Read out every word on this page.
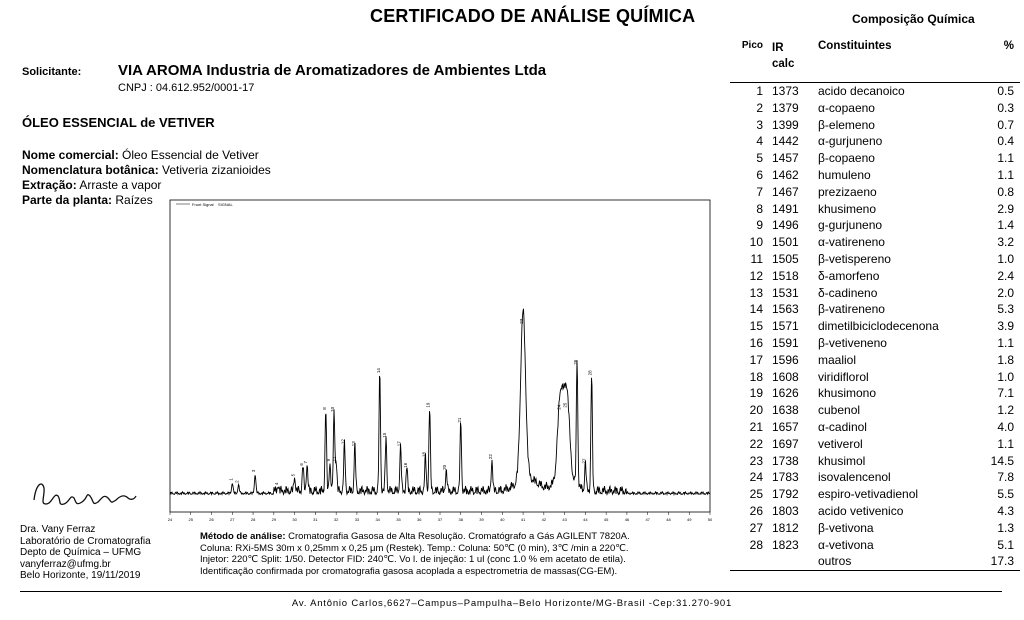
CERTIFICADO DE ANÁLISE QUÍMICA
Solicitante: VIA AROMA Industria de Aromatizadores de Ambientes Ltda
CNPJ : 04.612.952/0001-17
ÓLEO ESSENCIAL de VETIVER
Nome comercial: Óleo Essencial de Vetiver
Nomenclatura botânica: Vetiveria zizanioides
Extração: Arraste a vapor
Parte da planta: Raízes	Front Signal SIGNAL
24	25	26	27	28	29	30	31	32	33	34	35	36	37	38	39	40	41	42	43	44	45	46	47	48	49	50
1
2
3
4
5
6
7
8
9
10
11
12 13
14
15
16
17
18
19
20
21
22
23
24 25
26
27
28
Dra. Vany Ferraz
Laboratório de Cromatografia
Depto de Química – UFMG
vanyferraz@ufmg.br
Belo Horizonte, 19/11/2019
Método de análise: Cromatografia Gasosa de Alta Resolução. Cromatógrafo a Gás AGILENT 7820A.
Coluna: RXi-5MS 30m x 0,25mm x 0,25 μm (Restek). Temp.: Coluna: 50℃ (0 min), 3℃ /min a 220℃.
Injetor: 220℃ Split: 1/50. Detector FID: 240℃. Vo l. de injeção: 1 ul (conc 1.0 % em acetato de etila).
Identificação confirmada por cromatografia gasosa acoplada a espectrometria de massas(CG-EM).
Av. Antônio Carlos,6627–Campus–Pampulha–Belo Horizonte/MG-Brasil -Cep:31.270-901
Composição Química
Pico	IR
calc	Constituintes	%
1	1373	acido decanoico	0.5
2	1379	α-copaeno	0.3
3	1399	β-elemeno	0.7
4	1442	α-gurjuneno	0.4
5	1457	β-copaeno	1.1
6	1462	humuleno	1.1
7	1467	prezizaeno	0.8
8	1491	khusimeno	2.9
9	1496	g-gurjuneno	1.4
10	1501	α-vatireneno	3.2
11	1505	β-vetispereno	1.0
12	1518	δ-amorfeno	2.4
13	1531	δ-cadineno	2.0
14	1563	β-vatireneno	5.3
15	1571	dimetilbiciclodecenona	3.9
16	1591	β-vetiveneno	1.1
17	1596	maaliol	1.8
18	1608	viridiflorol	1.0
19	1626	khusimono	7.1
20	1638	cubenol	1.2
21	1657	α-cadinol	4.0
22	1697	vetiverol	1.1
23	1738	khusimol	14.5
24	1783	isovalencenol	7.8
25	1792	espiro-vetivadienol	5.5
26	1803	acido vetivenico	4.3
27	1812	β-vetivona	1.3
28	1823	α-vetivona	5.1
		outros	17.3
